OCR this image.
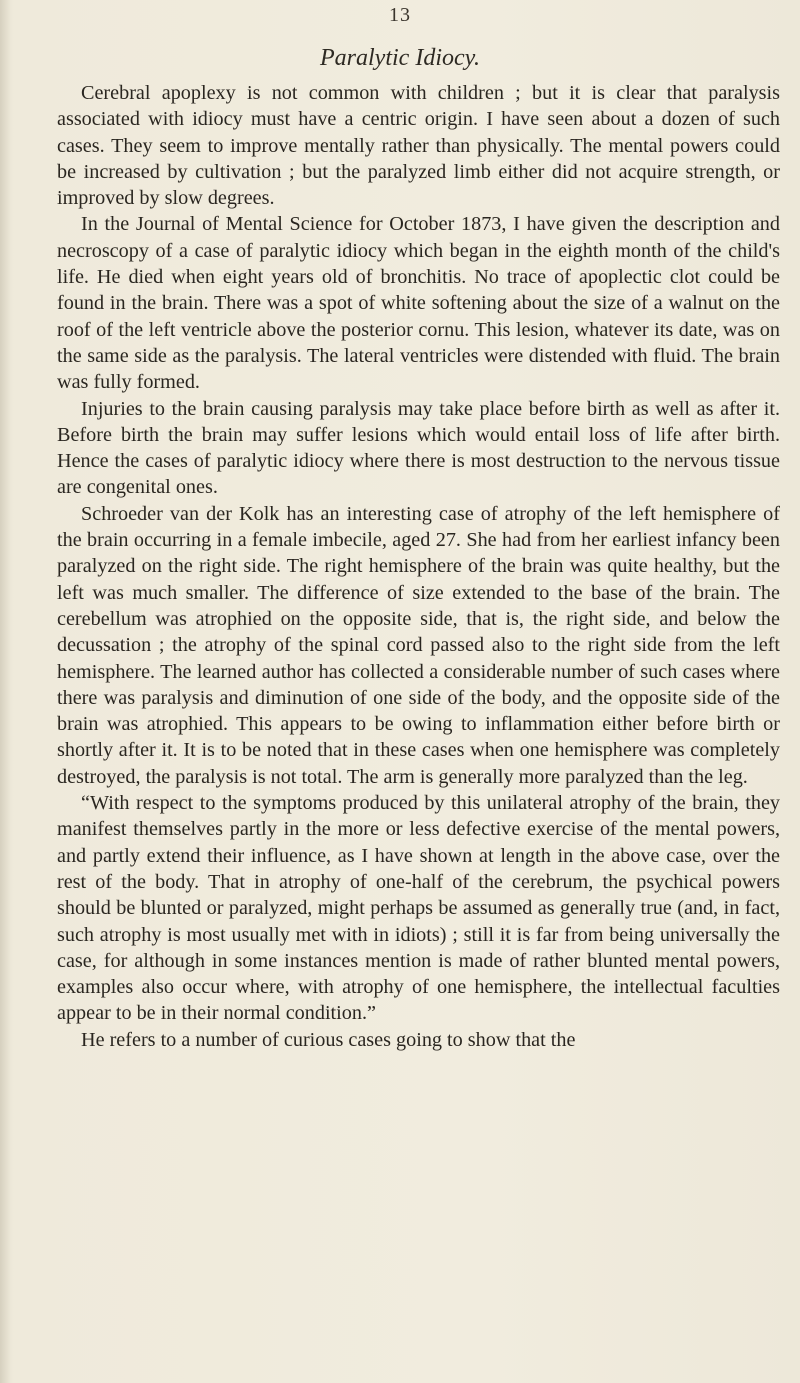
13
Paralytic Idiocy.

Cerebral apoplexy is not common with children ; but it is clear that paralysis associated with idiocy must have a centric origin. I have seen about a dozen of such cases. They seem to improve mentally rather than physically. The mental powers could be increased by cultivation ; but the paralyzed limb either did not acquire strength, or improved by slow degrees.

In the Journal of Mental Science for October 1873, I have given the description and necroscopy of a case of paralytic idiocy which began in the eighth month of the child's life. He died when eight years old of bronchitis. No trace of apoplectic clot could be found in the brain. There was a spot of white softening about the size of a walnut on the roof of the left ventricle above the posterior cornu. This lesion, whatever its date, was on the same side as the paralysis. The lateral ventricles were distended with fluid. The brain was fully formed.

Injuries to the brain causing paralysis may take place before birth as well as after it. Before birth the brain may suffer lesions which would entail loss of life after birth. Hence the cases of paralytic idiocy where there is most destruction to the nervous tissue are congenital ones.

Schroeder van der Kolk has an interesting case of atrophy of the left hemisphere of the brain occurring in a female imbecile, aged 27. She had from her earliest infancy been paralyzed on the right side. The right hemisphere of the brain was quite healthy, but the left was much smaller. The difference of size extended to the base of the brain. The cerebellum was atrophied on the opposite side, that is, the right side, and below the decussation ; the atrophy of the spinal cord passed also to the right side from the left hemisphere. The learned author has collected a considerable number of such cases where there was paralysis and diminution of one side of the body, and the opposite side of the brain was atrophied. This appears to be owing to inflammation either before birth or shortly after it. It is to be noted that in these cases when one hemisphere was completely destroyed, the paralysis is not total. The arm is generally more paralyzed than the leg.

“With respect to the symptoms produced by this unilateral atrophy of the brain, they manifest themselves partly in the more or less defective exercise of the mental powers, and partly extend their influence, as I have shown at length in the above case, over the rest of the body. That in atrophy of one-half of the cerebrum, the psychical powers should be blunted or paralyzed, might perhaps be assumed as generally true (and, in fact, such atrophy is most usually met with in idiots) ; still it is far from being universally the case, for although in some instances mention is made of rather blunted mental powers, examples also occur where, with atrophy of one hemisphere, the intellectual faculties appear to be in their normal condition.”

He refers to a number of curious cases going to show that the
